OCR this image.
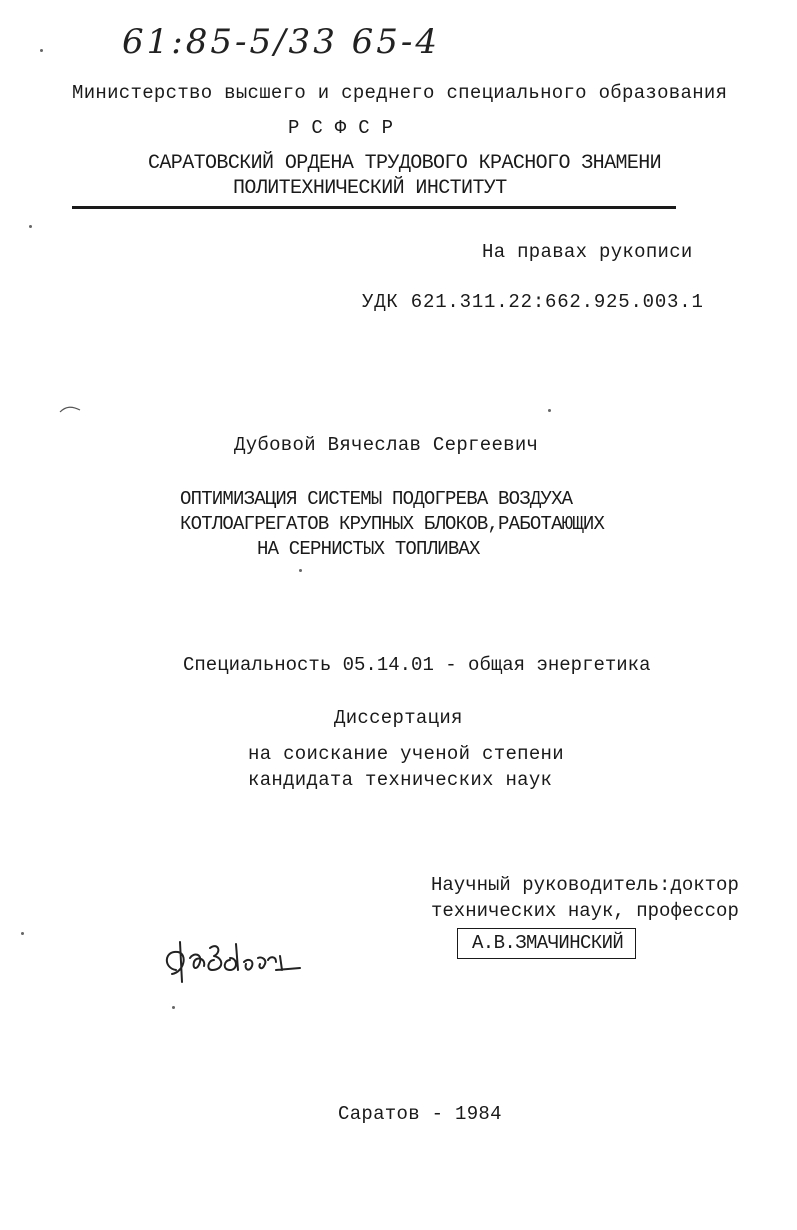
61:85-5/33 65-4
Министерство высшего и среднего специального образования
Р С Ф С Р
САРАТОВСКИЙ ОРДЕНА ТРУДОВОГО КРАСНОГО ЗНАМЕНИ
ПОЛИТЕХНИЧЕСКИЙ ИНСТИТУТ
На правах рукописи
УДК 621.311.22:662.925.003.1
Дубовой Вячеслав Сергеевич
ОПТИМИЗАЦИЯ СИСТЕМЫ ПОДОГРЕВА ВОЗДУХА
КОТЛОАГРЕГАТОВ КРУПНЫХ БЛОКОВ,РАБОТАЮЩИХ
НА СЕРНИСТЫХ ТОПЛИВАХ
Специальность 05.14.01 - общая энергетика
Диссертация
на соискание ученой степени
кандидата технических наук
Научный руководитель:доктор
технических наук, профессор
А.В.ЗМАЧИНСКИЙ
Саратов - 1984
